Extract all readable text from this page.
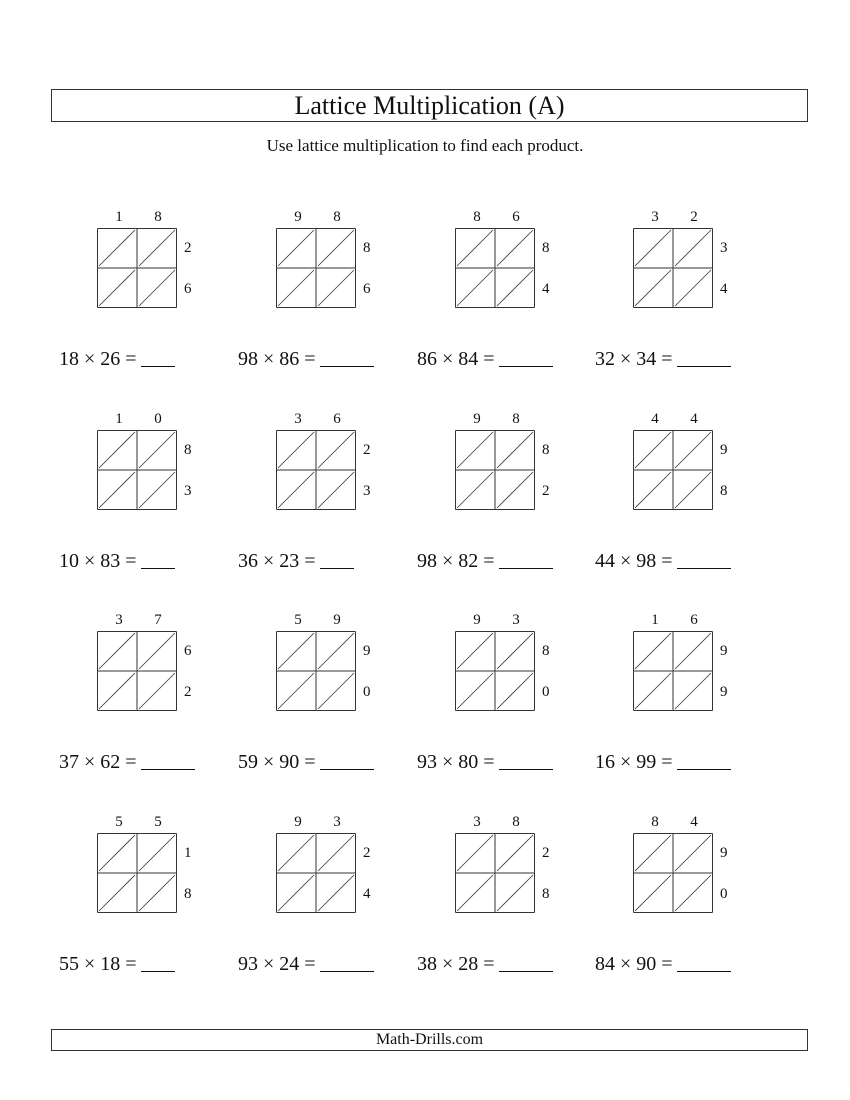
Lattice Multiplication (A)
Use lattice multiplication to find each product.
1	8
2
6
18 × 26 =
9	8
8
6
98 × 86 =
8	6
8
4
86 × 84 =
3	2
3
4
32 × 34 =
1	0
8
3
10 × 83 =
3	6
2
3
36 × 23 =
9	8
8
2
98 × 82 =
4	4
9
8
44 × 98 =
3	7
6
2
37 × 62 =
5	9
9
0
59 × 90 =
9	3
8
0
93 × 80 =
1	6
9
9
16 × 99 =
5	5
1
8
55 × 18 =
9	3
2
4
93 × 24 =
3	8
2
8
38 × 28 =
8	4
9
0
84 × 90 =
Math-Drills.com
